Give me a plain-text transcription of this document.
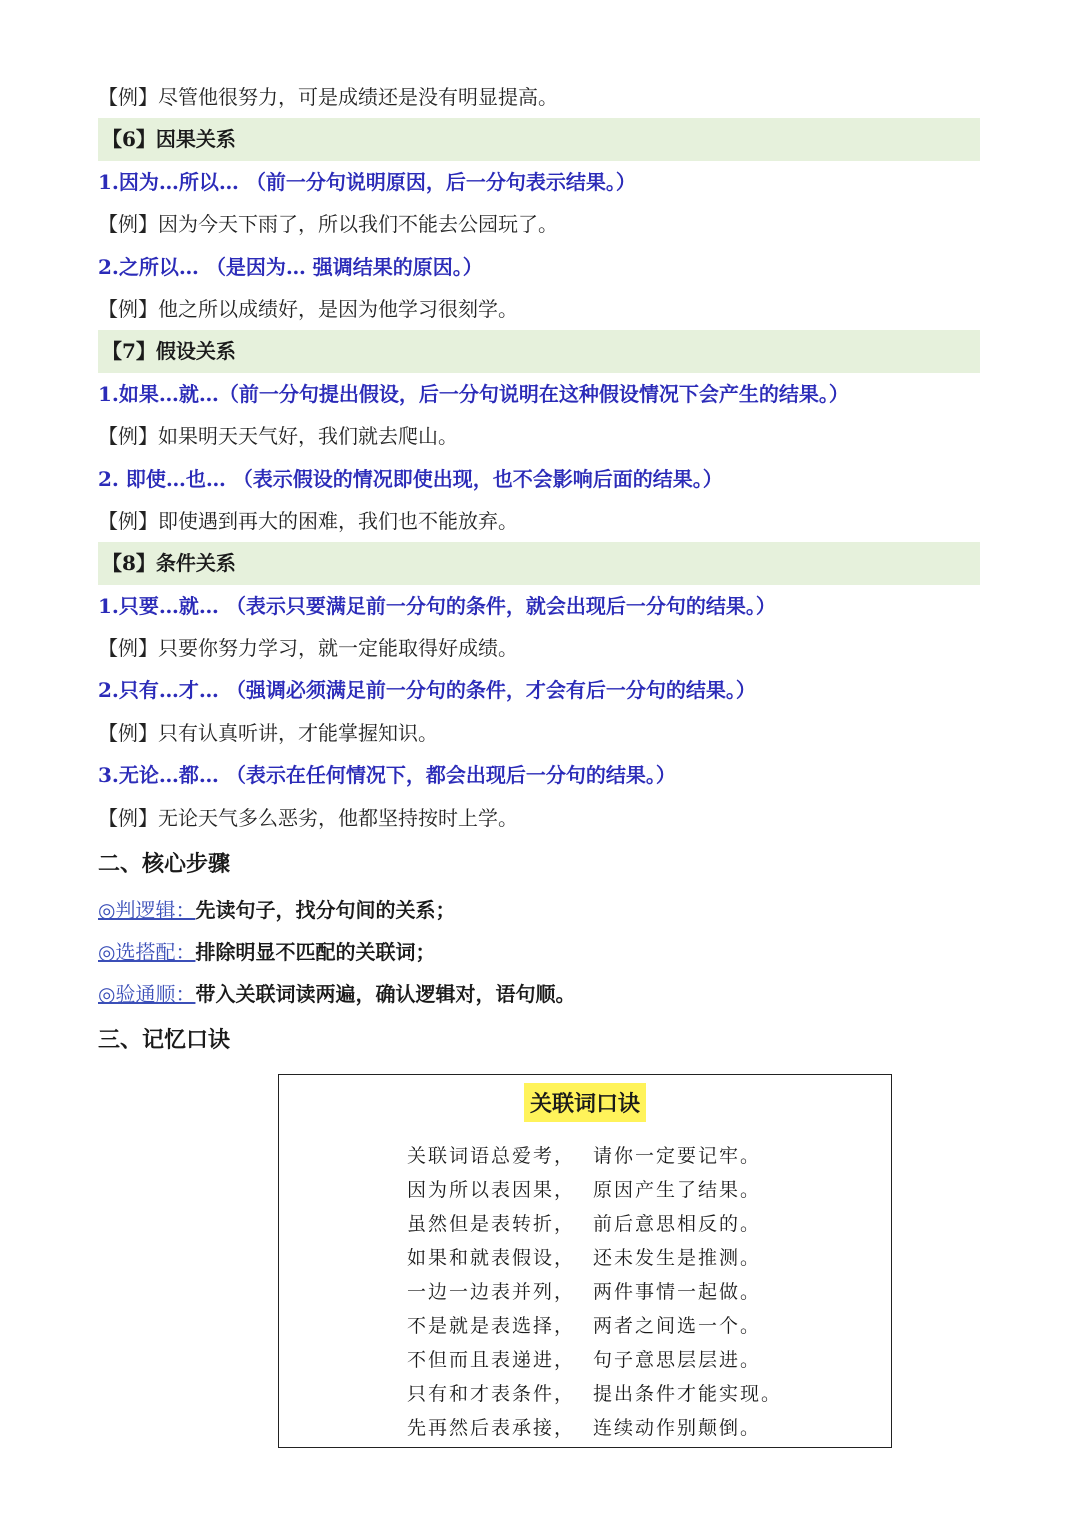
【例】尽管他很努力，可是成绩还是没有明显提高。
【6】因果关系
1.因为…所以… （前一分句说明原因，后一分句表示结果。）
【例】因为今天下雨了，所以我们不能去公园玩了。
2.之所以… （是因为… 强调结果的原因。）
【例】他之所以成绩好，是因为他学习很刻学。
【7】假设关系
1.如果…就…（前一分句提出假设，后一分句说明在这种假设情况下会产生的结果。）
【例】如果明天天气好，我们就去爬山。
2. 即使…也… （表示假设的情况即使出现，也不会影响后面的结果。）
【例】即使遇到再大的困难，我们也不能放弃。
【8】条件关系
1.只要…就… （表示只要满足前一分句的条件，就会出现后一分句的结果。）
【例】只要你努力学习，就一定能取得好成绩。
2.只有…才… （强调必须满足前一分句的条件，才会有后一分句的结果。）
【例】只有认真听讲，才能掌握知识。
3.无论…都… （表示在任何情况下，都会出现后一分句的结果。）
【例】无论天气多么恶劣，他都坚持按时上学。
二、核心步骤
◎判逻辑：先读句子，找分句间的关系；
◎选搭配：排除明显不匹配的关联词；
◎验通顺：带入关联词读两遍，确认逻辑对，语句顺。
三、记忆口诀
关联词口诀
关联词语总爱考， 请你一定要记牢。
因为所以表因果， 原因产生了结果。
虽然但是表转折， 前后意思相反的。
如果和就表假设， 还未发生是推测。
一边一边表并列， 两件事情一起做。
不是就是表选择， 两者之间选一个。
不但而且表递进， 句子意思层层进。
只有和才表条件， 提出条件才能实现。
先再然后表承接， 连续动作别颠倒。
